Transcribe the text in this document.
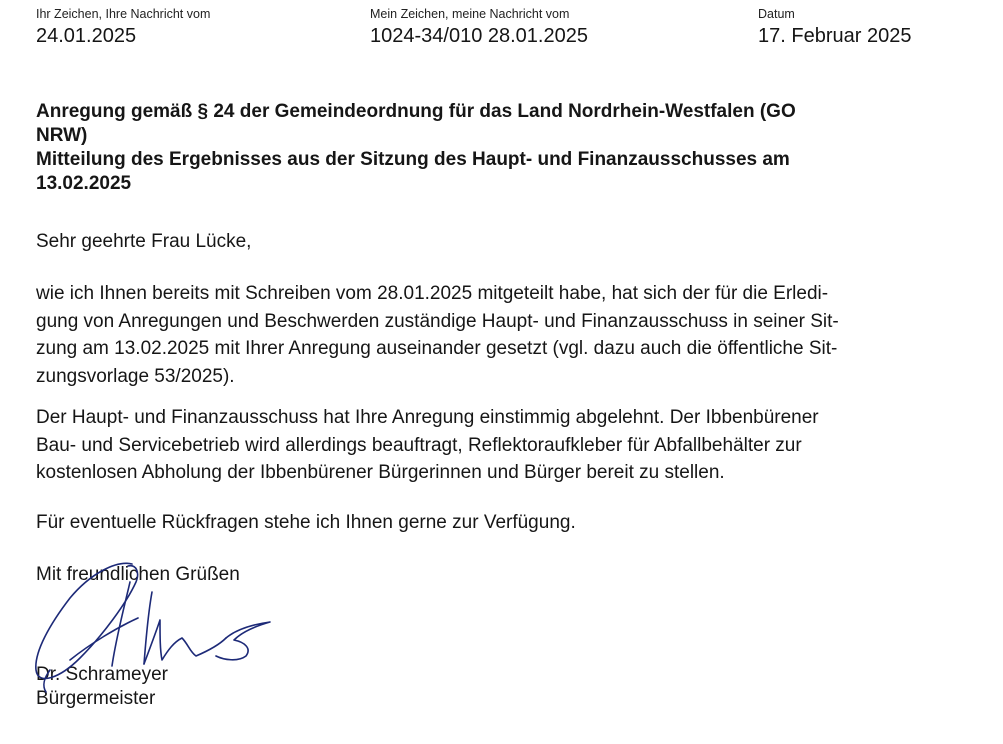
Ihr Zeichen, Ihre Nachricht vom
24.01.2025
Mein Zeichen, meine Nachricht vom
1024-34/010 28.01.2025
Datum
17. Februar 2025
Anregung gemäß § 24 der Gemeindeordnung für das Land Nordrhein-Westfalen (GO
NRW)
Mitteilung des Ergebnisses aus der Sitzung des Haupt- und Finanzausschusses am
13.02.2025
Sehr geehrte Frau Lücke,
wie ich Ihnen bereits mit Schreiben vom 28.01.2025 mitgeteilt habe, hat sich der für die Erledi-
gung von Anregungen und Beschwerden zuständige Haupt- und Finanzausschuss in seiner Sit-
zung am 13.02.2025 mit Ihrer Anregung auseinander gesetzt (vgl. dazu auch die öffentliche Sit-
zungsvorlage 53/2025).
Der Haupt- und Finanzausschuss hat Ihre Anregung einstimmig abgelehnt. Der Ibbenbürener
Bau- und Servicebetrieb wird allerdings beauftragt, Reflektoraufkleber für Abfallbehälter zur
kostenlosen Abholung der Ibbenbürener Bürgerinnen und Bürger bereit zu stellen.
Für eventuelle Rückfragen stehe ich Ihnen gerne zur Verfügung.
Mit freundlichen Grüßen
Dr. Schrameyer
Bürgermeister
